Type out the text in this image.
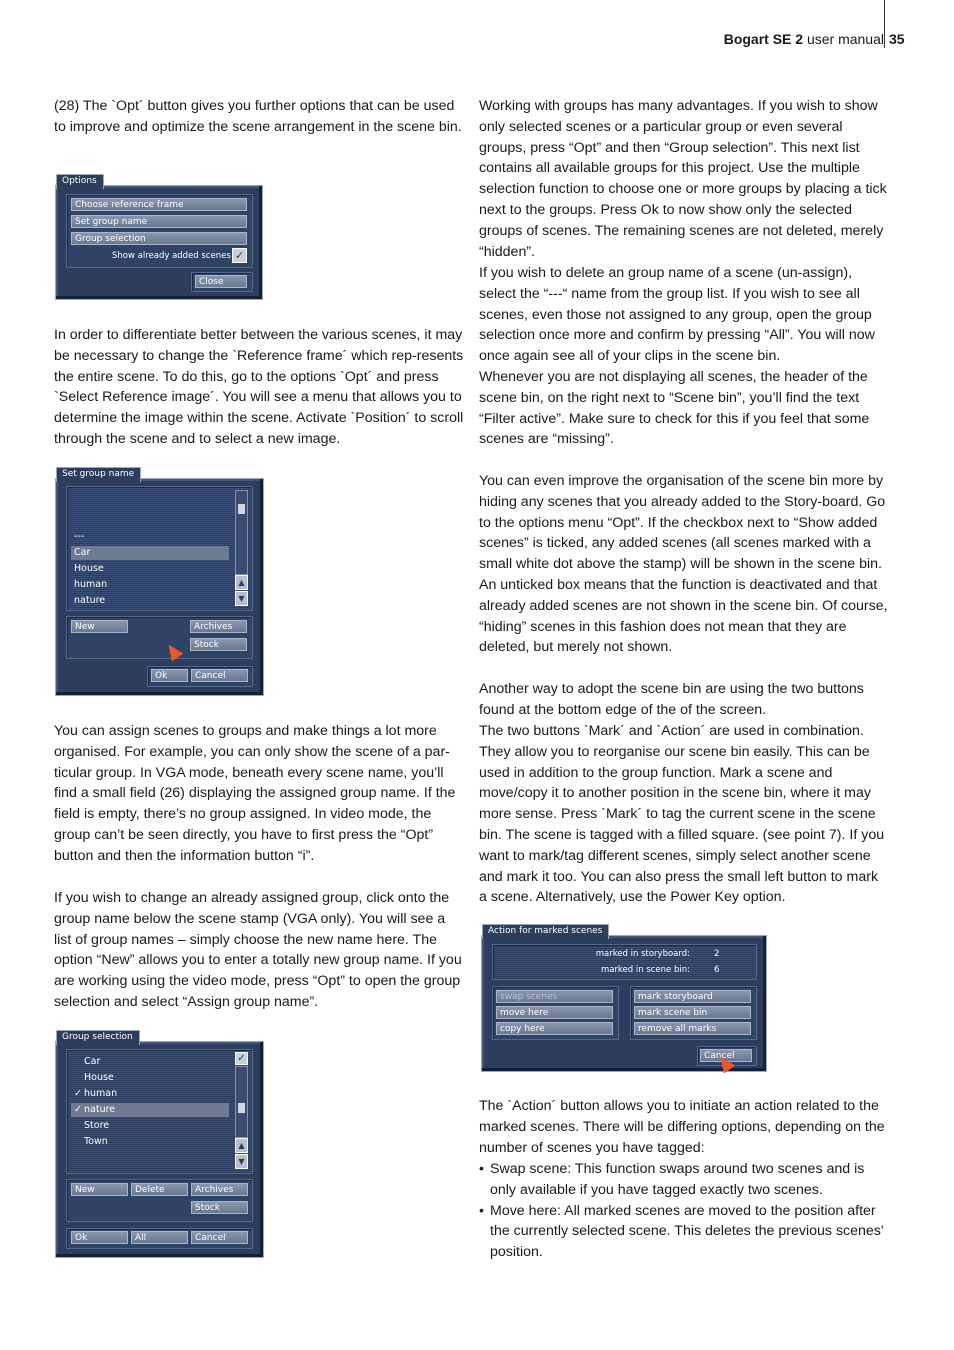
Bogart SE 2 user manual 35

(28) The `Opt´ button gives you further options that can be used to improve and optimize the scene arrangement in the scene bin.

In order to differentiate better between the various scenes, it may be necessary to change the `Reference frame´ which rep-resents the entire scene. To do this, go to the options `Opt´ and press `Select Reference image´. You will see a menu that allows you to determine the image within the scene. Activate `Position´ to scroll through the scene and to select a new image.

You can assign scenes to groups and make things a lot more organised. For example, you can only show the scene of a par-ticular group. In VGA mode, beneath every scene name, you’ll find a small field (26) displaying the assigned group name. If the field is empty, there’s no group assigned. In video mode, the group can’t be seen directly, you have to first press the “Opt” button and then the information button “i”.

If you wish to change an already assigned group, click onto the group name below the scene stamp (VGA only). You will see a list of group names – simply choose the new name here. The option “New” allows you to enter a totally new group name. If you are working using the video mode, press “Opt” to open the group selection and select “Assign group name”.

Working with groups has many advantages. If you wish to show only selected scenes or a particular group or even several groups, press “Opt” and then “Group selection”. This next list contains all available groups for this project. Use the multiple selection function to choose one or more groups by placing a tick next to the groups. Press Ok to now show only the selected groups of scenes. The remaining scenes are not deleted, merely “hidden”.

If you wish to delete an group name of a scene (un-assign), select the “---“ name from the group list. If you wish to see all scenes, even those not assigned to any group, open the group selection once more and confirm by pressing “All”. You will now once again see all of your clips in the scene bin.

Whenever you are not displaying all scenes, the header of the scene bin, on the right next to “Scene bin”, you’ll find the text “Filter active”. Make sure to check for this if you feel that some scenes are “missing”.

You can even improve the organisation of the scene bin more by hiding any scenes that you already added to the Story-board. Go to the options menu “Opt”. If the checkbox next to “Show added scenes” is ticked, any added scenes (all scenes marked with a small white dot above the stamp) will be shown in the scene bin. An unticked box means that the function is deactivated and that already added scenes are not shown in the scene bin. Of course, “hiding” scenes in this fashion does not mean that they are deleted, but merely not shown.

Another way to adopt the scene bin are using the two buttons found at the bottom edge of the of the screen.

The two buttons `Mark´ and `Action´ are used in combination. They allow you to reorganise our scene bin easily. This can be used in addition to the group function. Mark a scene and move/copy it to another position in the scene bin, where it may more sense. Press `Mark´ to tag the current scene in the scene bin. The scene is tagged with a filled square. (see point 7). If you want to mark/tag different scenes, simply select another scene and mark it too. You can also press the small left button to mark a scene. Alternatively, use the Power Key option.

The `Action´ button allows you to initiate an action related to the marked scenes. There will be differing options, depending on the number of scenes you have tagged:

• Swap scene: This function swaps around two scenes and is only available if you have tagged exactly two scenes.
• Move here: All marked scenes are moved to the position after the currently selected scene. This deletes the previous scenes' position.
Options
Choose reference frame
Set group name
Group selection
Show already added scenes ✓
Close
Set group name
---
Car
House
human
nature
▲
▼
New	Archives
Stock
Ok	Cancel
Group selection
✓
Car
House
✓ human
✓ nature
Store
Town	▲
▼
New	Delete	Archives
Stock
Ok	All	Cancel
Action for marked scenes
marked in storyboard:	2
marked in scene bin:	6
swap scenes
move here
copy here
mark storyboard
mark scene bin
remove all marks
Cancel
